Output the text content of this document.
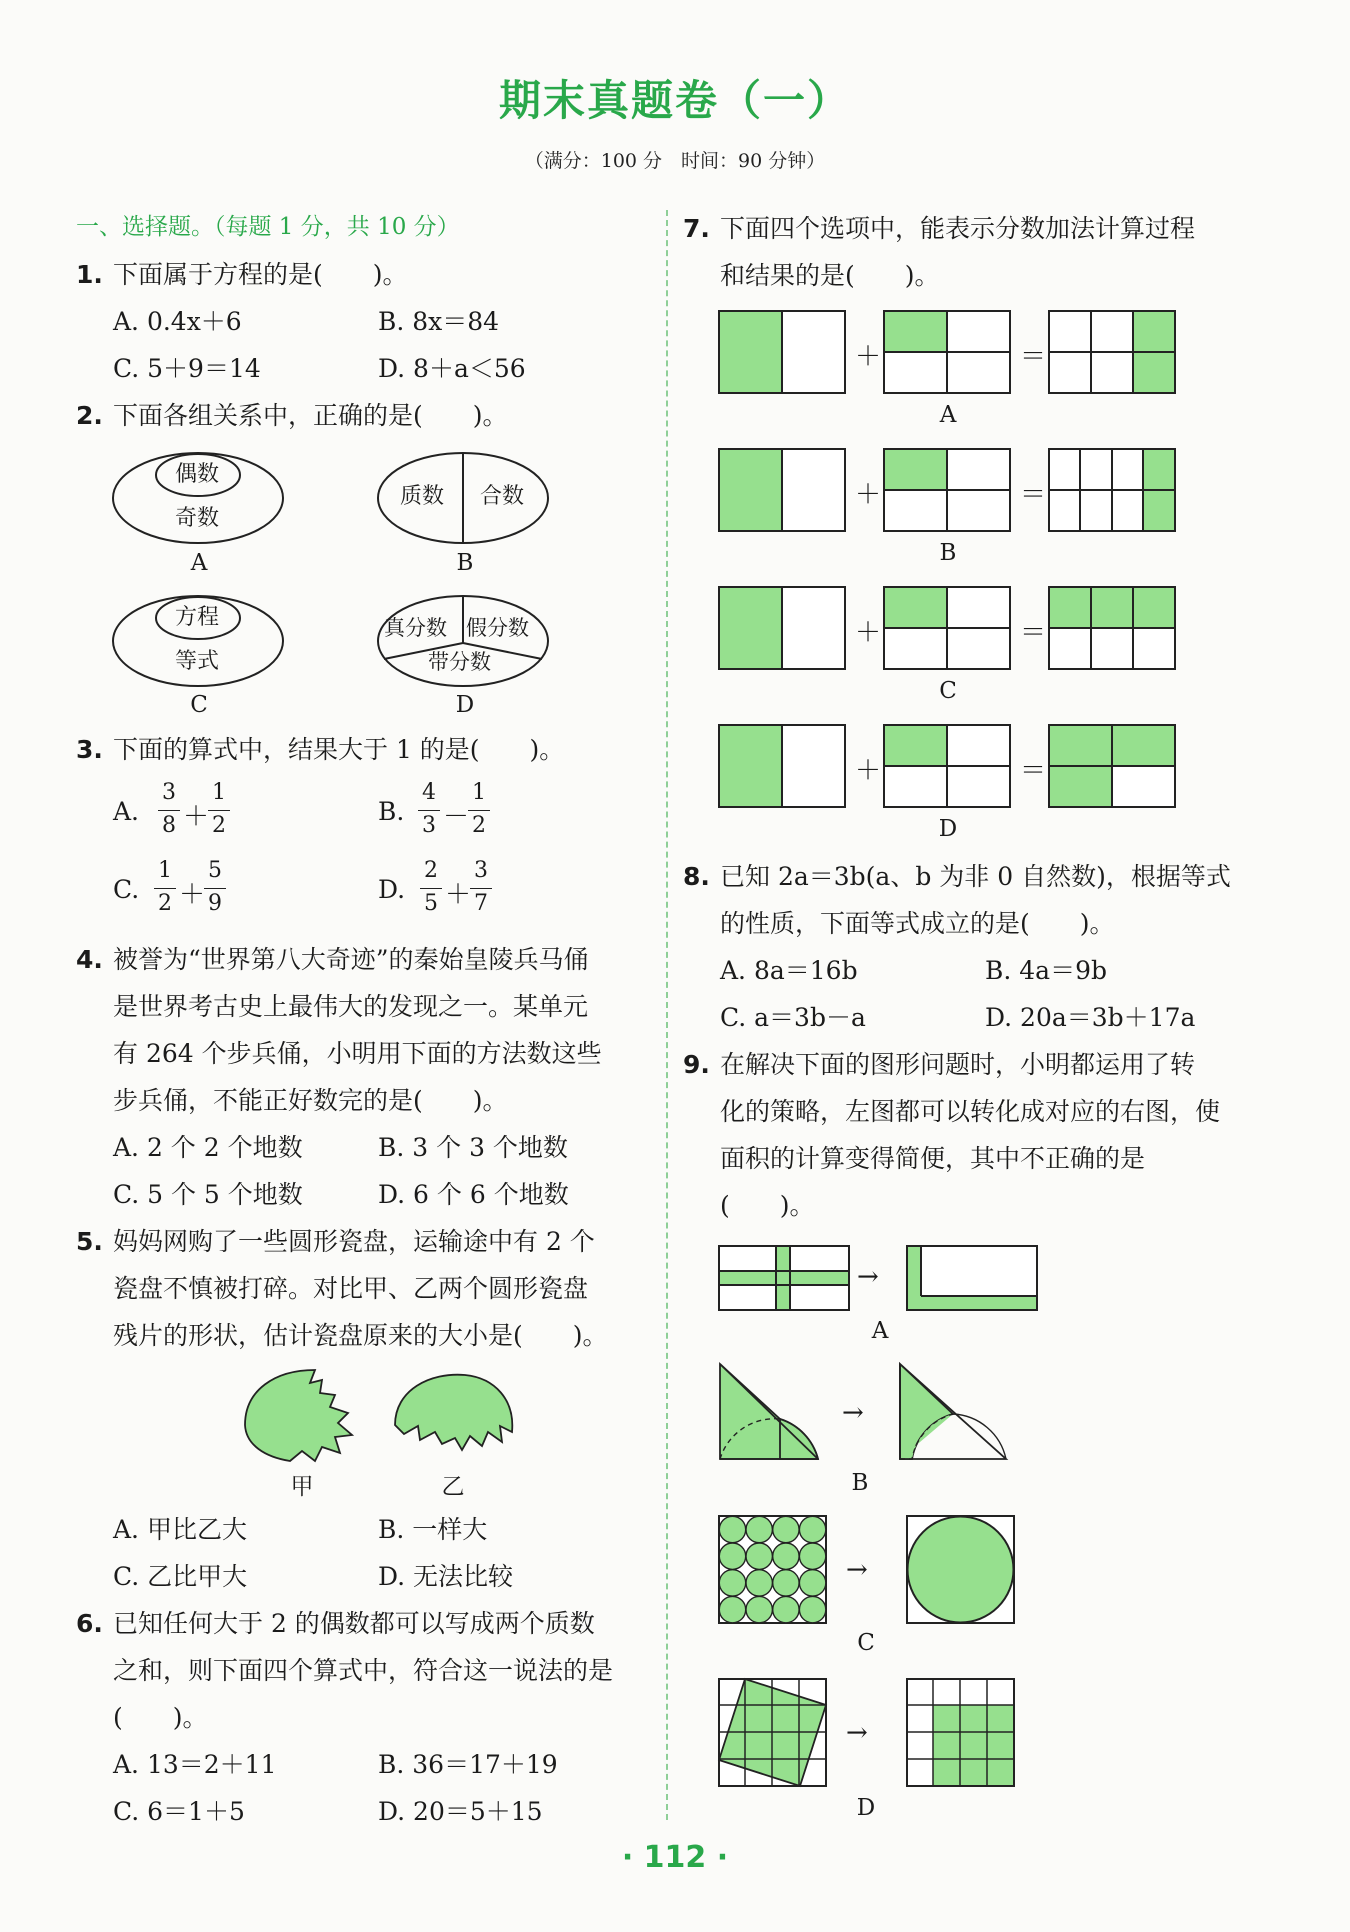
期末真题卷（一）
（满分：100 分　时间：90 分钟）
一、选择题。（每题 1 分，共 10 分）
1. 下面属于方程的是(　　)。
A. 0.4x＋6	B. 8x＝84
C. 5＋9＝14	D. 8＋a＜56
2. 下面各组关系中，正确的是(　　)。
偶数
奇数
A
质数 合数
B
方程
等式
C
真分数 假分数
带分数
D
3. 下面的算式中，结果大于 1 的是(　　)。
A.
3
8 ＋
1
2	B.
4
3 －
1
2
C.
1
2 ＋
5
9	D.
2
5 ＋
3
7
4. 被誉为“世界第八大奇迹”的秦始皇陵兵马俑
是世界考古史上最伟大的发现之一。某单元
有 264 个步兵俑，小明用下面的方法数这些
步兵俑，不能正好数完的是(　　)。
A. 2 个 2 个地数	B. 3 个 3 个地数
C. 5 个 5 个地数	D. 6 个 6 个地数
5. 妈妈网购了一些圆形瓷盘，运输途中有 2 个
瓷盘不慎被打碎。对比甲、乙两个圆形瓷盘
残片的形状，估计瓷盘原来的大小是(　　)。
甲	乙
A. 甲比乙大	B. 一样大
C. 乙比甲大	D. 无法比较
6. 已知任何大于 2 的偶数都可以写成两个质数
之和，则下面四个算式中，符合这一说法的是
(　　)。
A. 13＝2＋11	B. 36＝17＋19
C. 6＝1＋5	D. 20＝5＋15
7. 下面四个选项中，能表示分数加法计算过程
和结果的是(　　)。
＋	＝
A
＋	＝
B
＋	＝
C
＋	＝
D
8. 已知 2a＝3b(a、b 为非 0 自然数)，根据等式
的性质，下面等式成立的是(　　)。
A. 8a＝16b	B. 4a＝9b
C. a＝3b－a	D. 20a＝3b＋17a
9. 在解决下面的图形问题时，小明都运用了转
化的策略，左图都可以转化成对应的右图，使
面积的计算变得简便，其中不正确的是
(　　)。
→
A
→
B
→
C
→
D
· 112 ·
